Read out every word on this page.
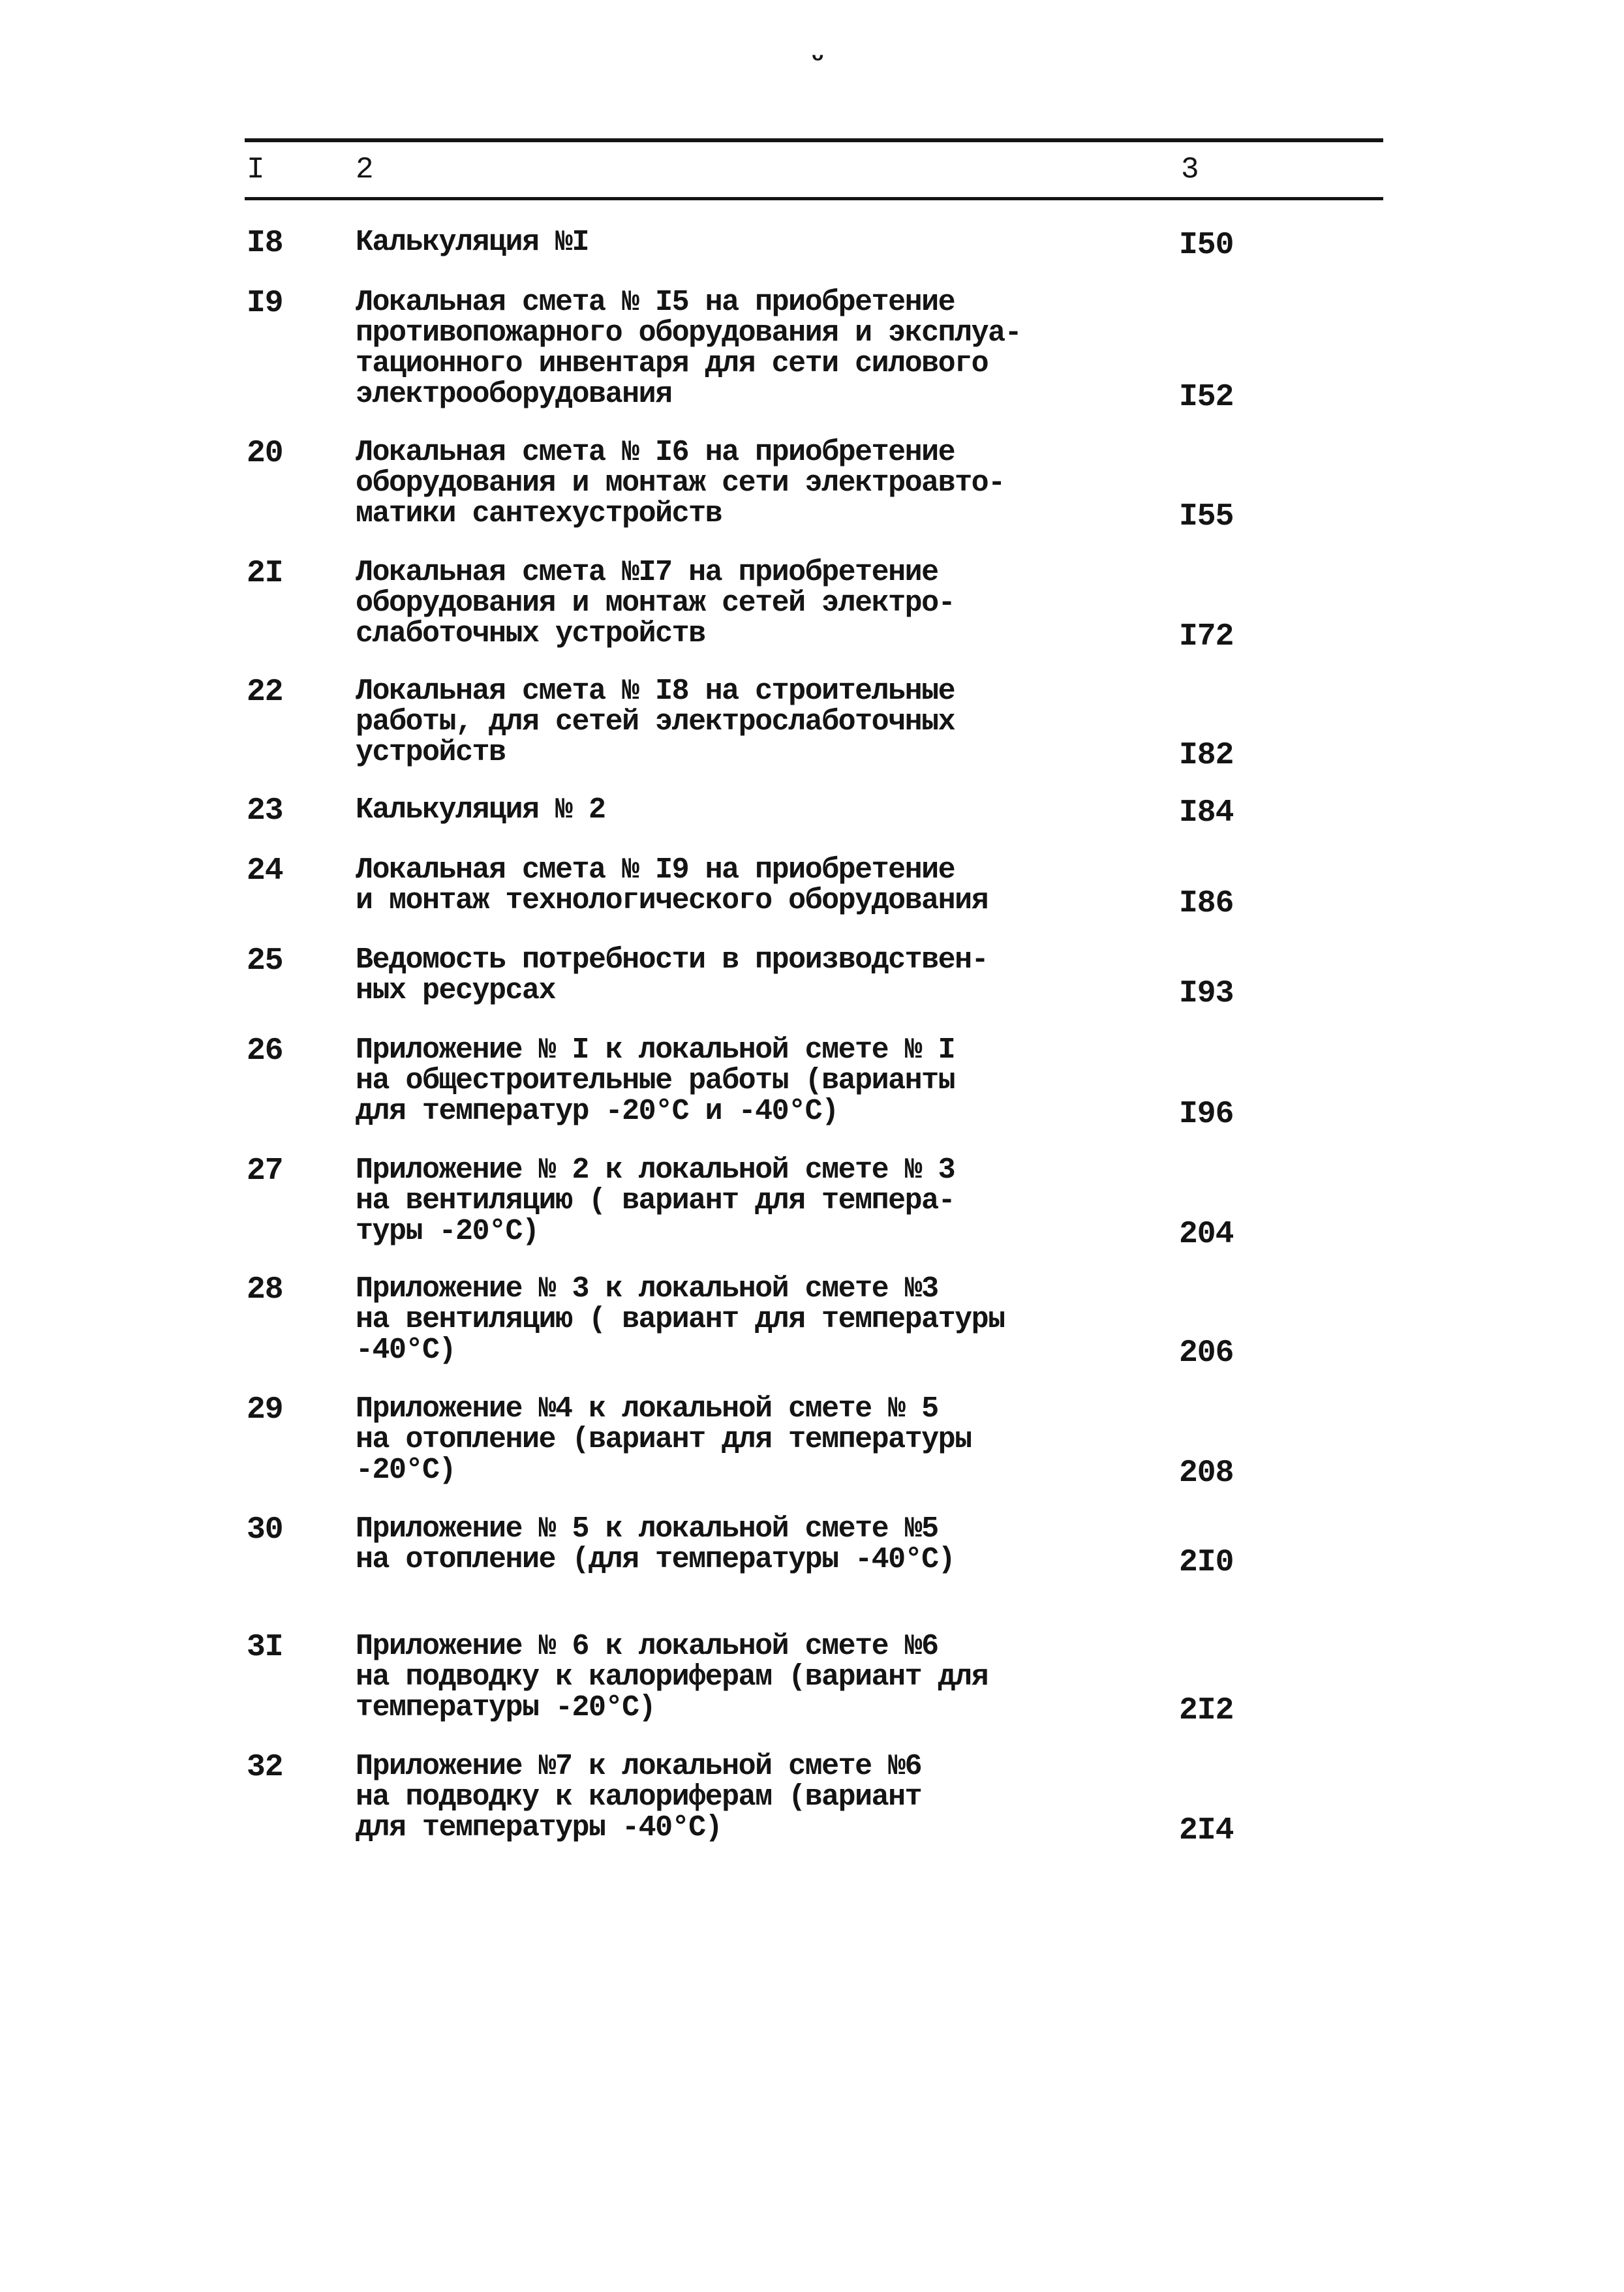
ᵕ
I	2	3
I8 Калькуляция №I	I50
I9 Локальная смета № I5 на приобретение
противопожарного оборудования и эксплуа-
тационного инвентаря для сети силового
электрооборудования	I52
20 Локальная смета № I6 на приобретение
оборудования и монтаж сети электроавто-
матики сантехустройств	I55
2I Локальная смета №I7 на приобретение
оборудования и монтаж сетей электро-
слаботочных устройств	I72
22 Локальная смета № I8 на строительные
работы, для сетей электрослаботочных
устройств	I82
23 Калькуляция № 2	I84
24 Локальная смета № I9 на приобретение
и монтаж технологического оборудования	I86
25 Ведомость потребности в производствен-
ных ресурсах	I93
26 Приложение № I к локальной смете № I
на общестроительные работы (варианты
для температур -20°С и -40°С)	I96
27 Приложение № 2 к локальной смете № 3
на вентиляцию ( вариант для темпера-
туры -20°С)	204
28 Приложение № 3 к локальной смете №3
на вентиляцию ( вариант для температуры
-40°С)	206
29 Приложение №4 к локальной смете № 5
на отопление (вариант для температуры
-20°С)	208
30 Приложение № 5 к локальной смете №5
на отопление (для температуры -40°С)	2I0
3I Приложение № 6 к локальной смете №6
на подводку к калориферам (вариант для
температуры -20°С)	2I2
32 Приложение №7 к локальной смете №6
на подводку к калориферам (вариант
для температуры -40°С)	2I4
